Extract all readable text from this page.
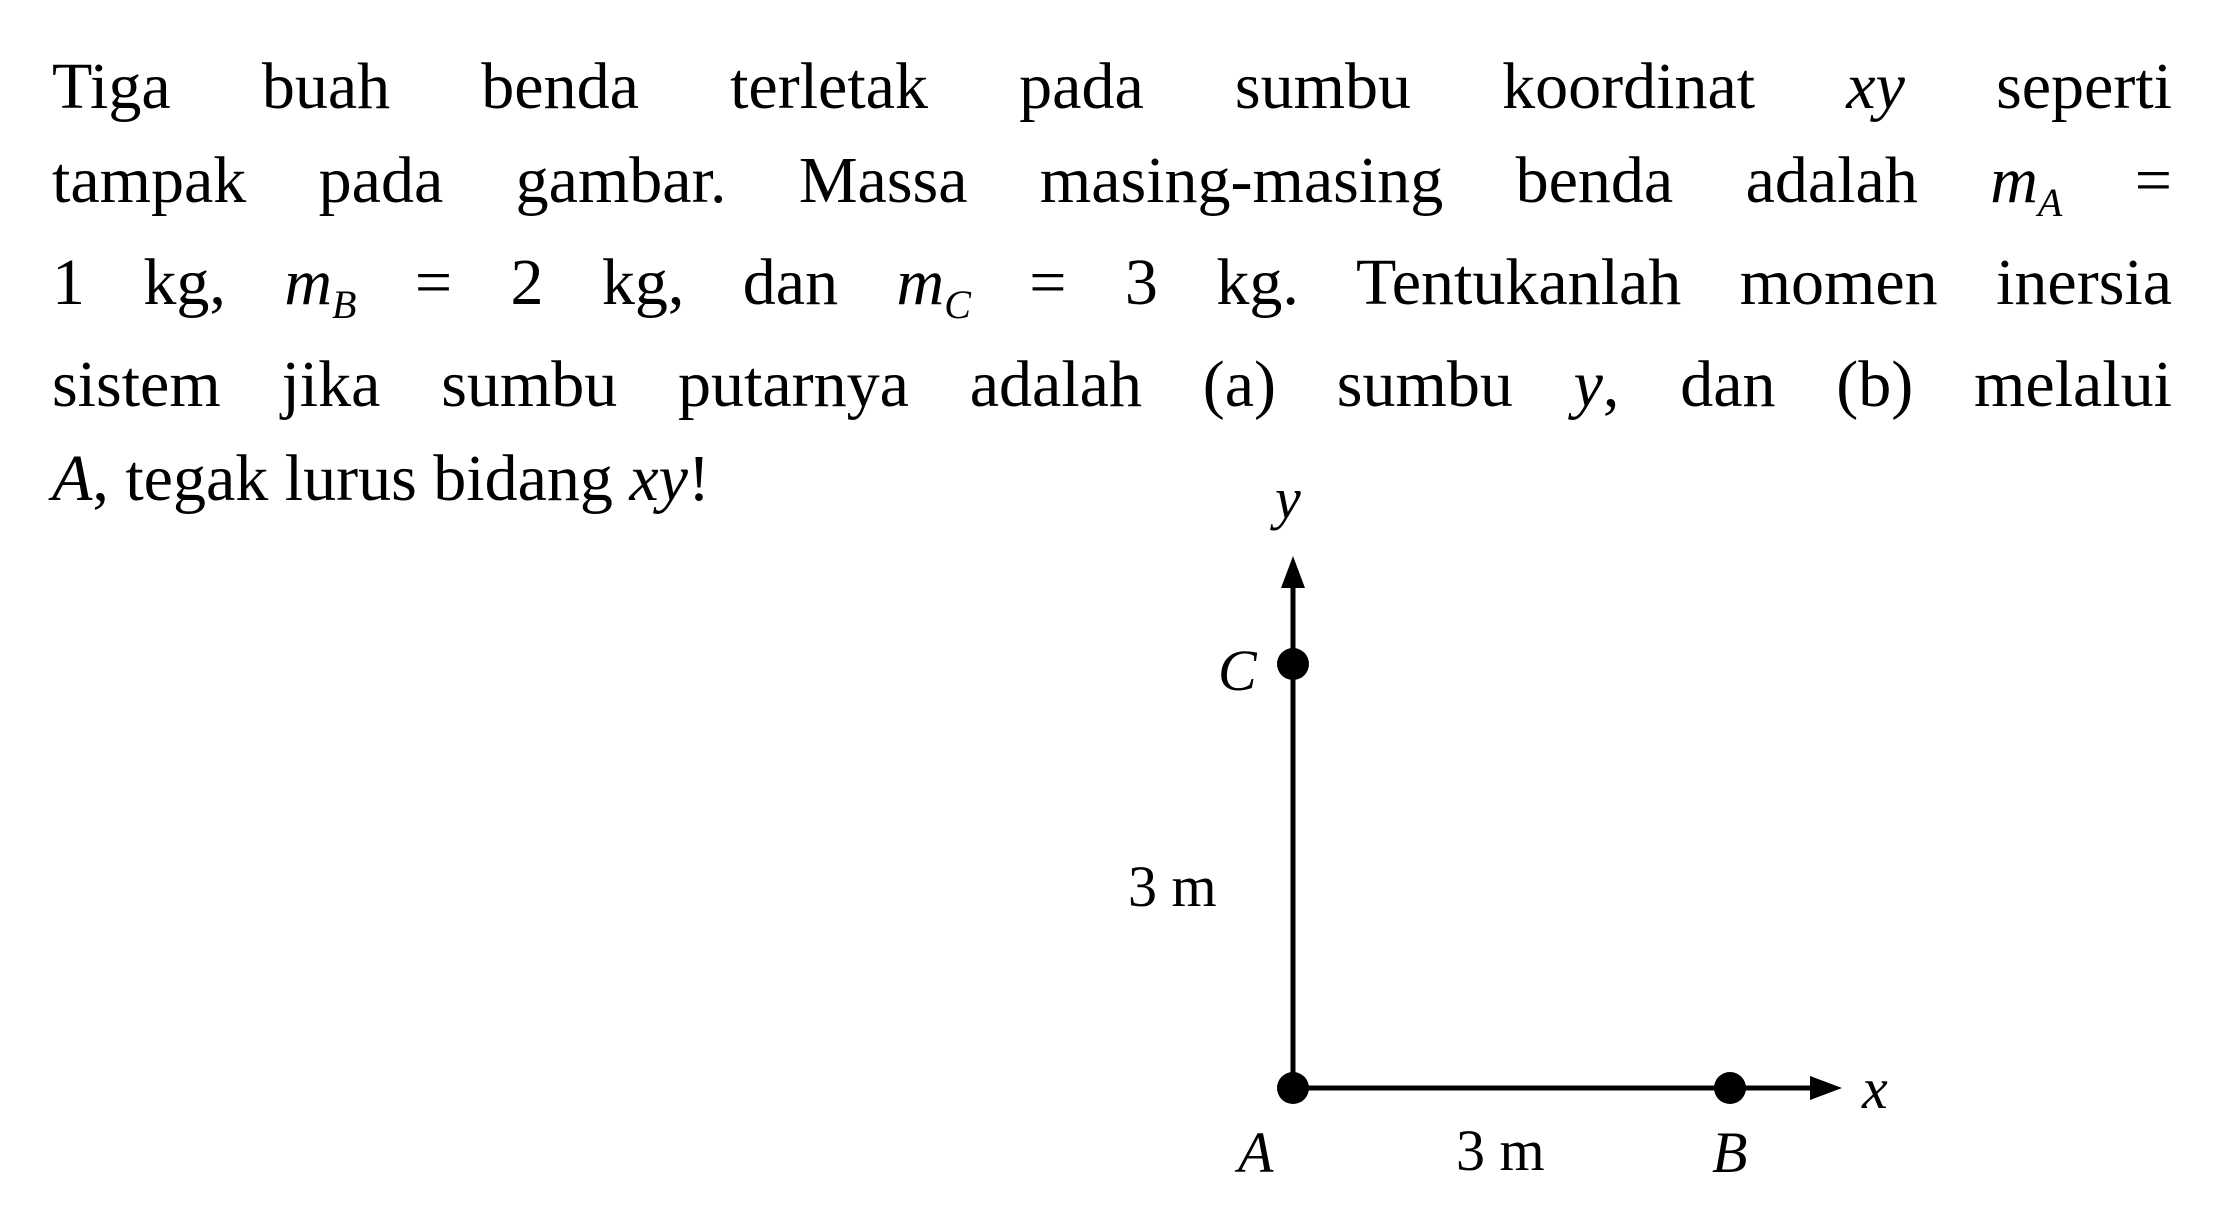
Tiga buah benda terletak pada sumbu koordinat xy seperti
tampak pada gambar. Massa masing-masing benda adalah $m_A$ =
1 kg, $m_B = 2$ kg, dan $m_C = 3$ kg. Tentukanlah momen inersia
sistem jika sumbu putarnya adalah (a) sumbu y, dan (b) melalui
A, tegak lurus bidang xy!	y
x
C
A	B
3 m
3 m
